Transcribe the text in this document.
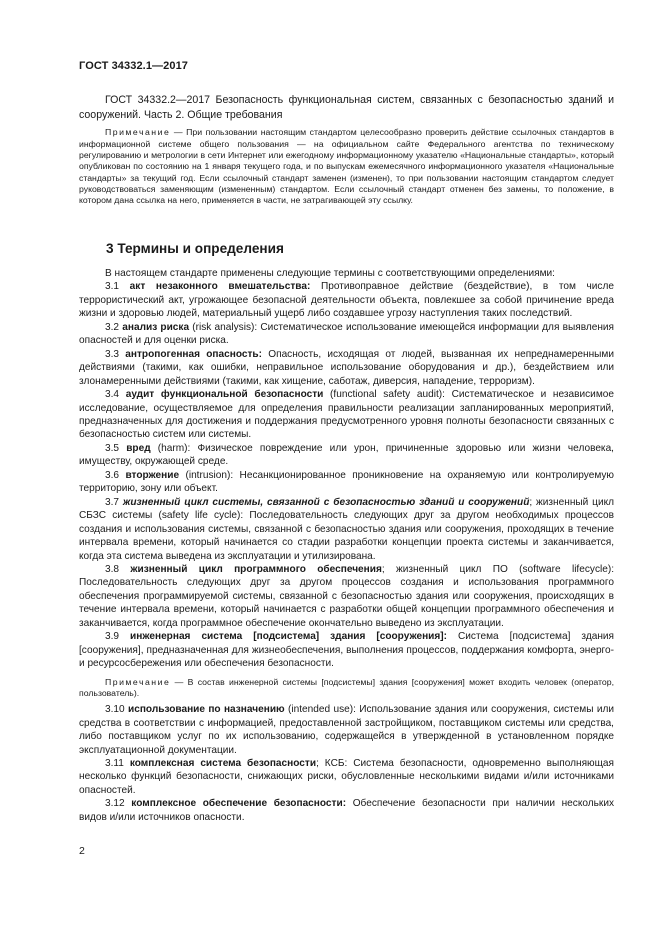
ГОСТ 34332.1—2017

ГОСТ 34332.2—2017 Безопасность функциональная систем, связанных с безопасностью зданий и сооружений. Часть 2. Общие требования

Примечание — При пользовании настоящим стандартом целесообразно проверить действие ссылочных стандартов в информационной системе общего пользования — на официальном сайте Федерального агентства по техническому регулированию и метрологии в сети Интернет или ежегодному информационному указателю «Национальные стандарты», который опубликован по состоянию на 1 января текущего года, и по выпускам ежемесячного информационного указателя «Национальные стандарты» за текущий год. Если ссылочный стандарт заменен (изменен), то при пользовании настоящим стандартом следует руководствоваться заменяющим (измененным) стандартом. Если ссылочный стандарт отменен без замены, то положение, в котором дана ссылка на него, применяется в части, не затрагивающей эту ссылку.

3 Термины и определения

В настоящем стандарте применены следующие термины с соответствующими определениями:

3.1 акт незаконного вмешательства: Противоправное действие (бездействие), в том числе террористический акт, угрожающее безопасной деятельности объекта, повлекшее за собой причинение вреда жизни и здоровью людей, материальный ущерб либо создавшее угрозу наступления таких последствий.

3.2 анализ риска (risk analysis): Систематическое использование имеющейся информации для выявления опасностей и для оценки риска.

3.3 антропогенная опасность: Опасность, исходящая от людей, вызванная их непреднамеренными действиями (такими, как ошибки, неправильное использование оборудования и др.), бездействием или злонамеренными действиями (такими, как хищение, саботаж, диверсия, нападение, терроризм).

3.4 аудит функциональной безопасности (functional safety audit): Систематическое и независимое исследование, осуществляемое для определения правильности реализации запланированных мероприятий, предназначенных для достижения и поддержания предусмотренного уровня полноты безопасности связанных с безопасностью систем или системы.

3.5 вред (harm): Физическое повреждение или урон, причиненные здоровью или жизни человека, имуществу, окружающей среде.

3.6 вторжение (intrusion): Несанкционированное проникновение на охраняемую или контролируемую территорию, зону или объект.

3.7 жизненный цикл системы, связанной с безопасностью зданий и сооружений; жизненный цикл СБЗС системы (safety life cycle): Последовательность следующих друг за другом необходимых процессов создания и использования системы, связанной с безопасностью здания или сооружения, проходящих в течение интервала времени, который начинается со стадии разработки концепции проекта системы и заканчивается, когда эта система выведена из эксплуатации и утилизирована.

3.8 жизненный цикл программного обеспечения; жизненный цикл ПО (software lifecycle): Последовательность следующих друг за другом процессов создания и использования программного обеспечения программируемой системы, связанной с безопасностью здания или сооружения, происходящих в течение интервала времени, который начинается с разработки общей концепции программного обеспечения и заканчивается, когда программное обеспечение окончательно выведено из эксплуатации.

3.9 инженерная система [подсистема] здания [сооружения]: Система [подсистема] здания [сооружения], предназначенная для жизнеобеспечения, выполнения процессов, поддержания комфорта, энерго- и ресурсосбережения или обеспечения безопасности.

Примечание — В состав инженерной системы [подсистемы] здания [сооружения] может входить человек (оператор, пользователь).

3.10 использование по назначению (intended use): Использование здания или сооружения, системы или средства в соответствии с информацией, предоставленной застройщиком, поставщиком системы или средства, либо поставщиком услуг по их использованию, содержащейся в утвержденной в установленном порядке эксплуатационной документации.

3.11 комплексная система безопасности; КСБ: Система безопасности, одновременно выполняющая несколько функций безопасности, снижающих риски, обусловленные несколькими видами и/или источниками опасностей.

3.12 комплексное обеспечение безопасности: Обеспечение безопасности при наличии нескольких видов и/или источников опасности.

2
